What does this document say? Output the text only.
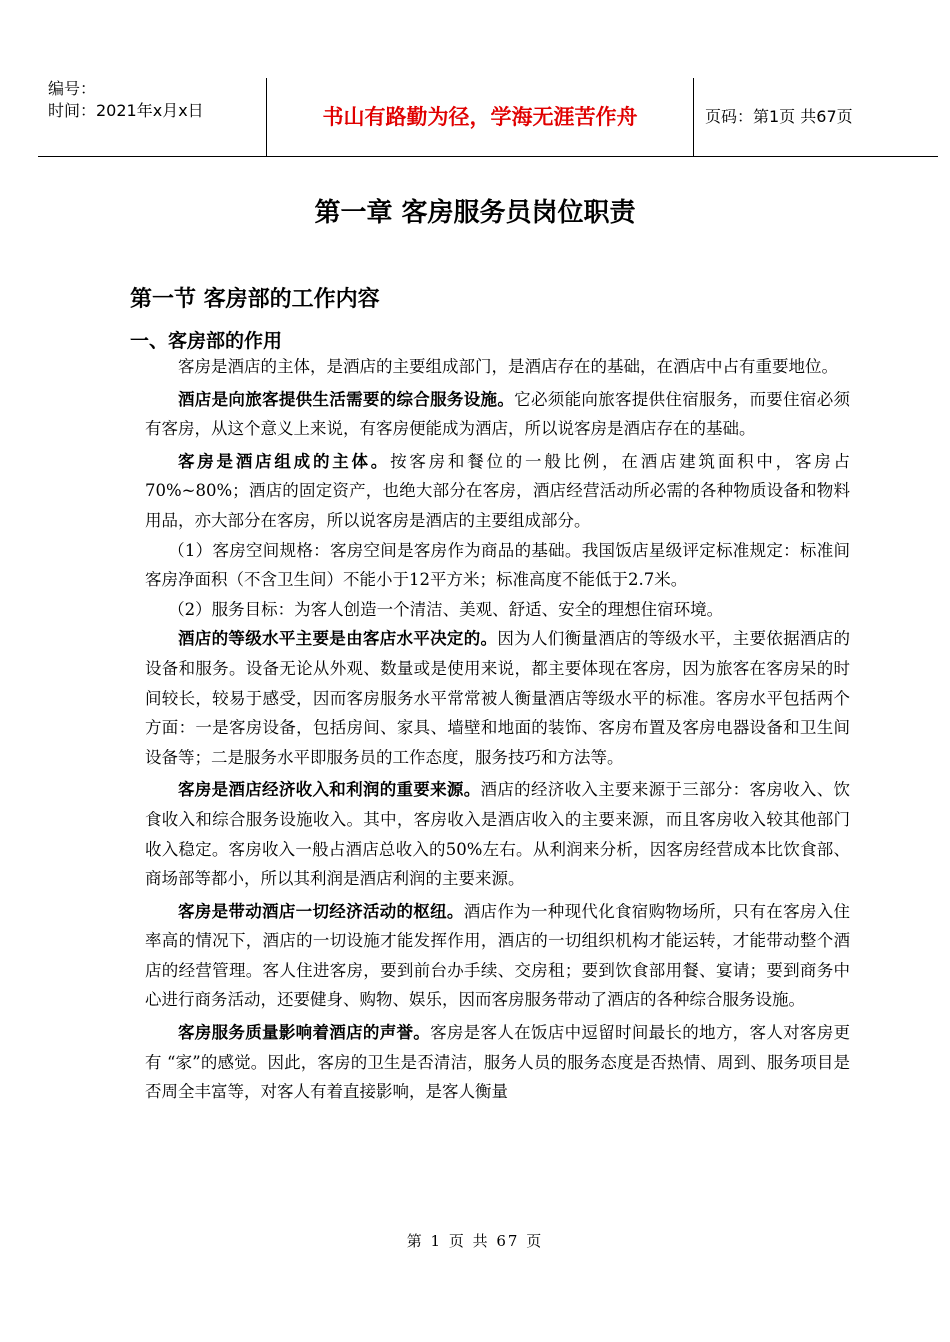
编号：
时间：2021年x月x日	书山有路勤为径，学海无涯苦作舟	页码：第1页 共67页
第一章 客房服务员岗位职责
第一节 客房部的工作内容
一、客房部的作用

客房是酒店的主体，是酒店的主要组成部门，是酒店存在的基础，在酒店中占有重要地位。

酒店是向旅客提供生活需要的综合服务设施。它必须能向旅客提供住宿服务，而要住宿必须有客房，从这个意义上来说，有客房便能成为酒店，所以说客房是酒店存在的基础。

客房是酒店组成的主体。按客房和餐位的一般比例，在酒店建筑面积中，客房占70%~80%；酒店的固定资产，也绝大部分在客房，酒店经营活动所必需的各种物质设备和物料用品，亦大部分在客房，所以说客房是酒店的主要组成部分。

（1）客房空间规格：客房空间是客房作为商品的基础。我国饭店星级评定标准规定：标准间客房净面积（不含卫生间）不能小于12平方米；标准高度不能低于2.7米。

（2）服务目标：为客人创造一个清洁、美观、舒适、安全的理想住宿环境。

酒店的等级水平主要是由客店水平决定的。因为人们衡量酒店的等级水平，主要依据酒店的设备和服务。设备无论从外观、数量或是使用来说，都主要体现在客房，因为旅客在客房呆的时间较长，较易于感受，因而客房服务水平常常被人衡量酒店等级水平的标准。客房水平包括两个方面：一是客房设备，包括房间、家具、墙壁和地面的装饰、客房布置及客房电器设备和卫生间设备等；二是服务水平即服务员的工作态度，服务技巧和方法等。

客房是酒店经济收入和利润的重要来源。酒店的经济收入主要来源于三部分：客房收入、饮食收入和综合服务设施收入。其中，客房收入是酒店收入的主要来源，而且客房收入较其他部门收入稳定。客房收入一般占酒店总收入的50%左右。从利润来分析，因客房经营成本比饮食部、商场部等都小，所以其利润是酒店利润的主要来源。

客房是带动酒店一切经济活动的枢纽。酒店作为一种现代化食宿购物场所，只有在客房入住率高的情况下，酒店的一切设施才能发挥作用，酒店的一切组织机构才能运转，才能带动整个酒店的经营管理。客人住进客房，要到前台办手续、交房租；要到饮食部用餐、宴请；要到商务中心进行商务活动，还要健身、购物、娱乐，因而客房服务带动了酒店的各种综合服务设施。

客房服务质量影响着酒店的声誉。客房是客人在饭店中逗留时间最长的地方，客人对客房更有 “家”的感觉。因此，客房的卫生是否清洁，服务人员的服务态度是否热情、周到、服务项目是否周全丰富等，对客人有着直接影响，是客人衡量

第 1 页 共 67 页
